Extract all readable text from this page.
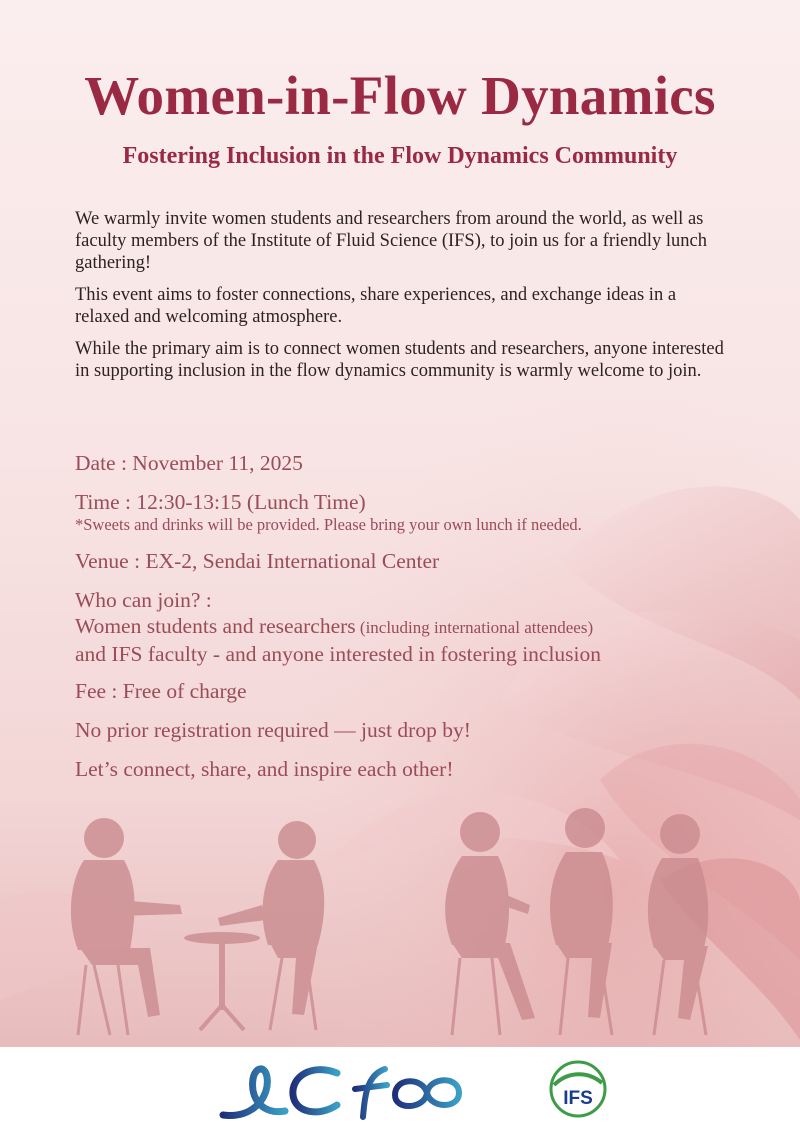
Women-in-Flow Dynamics
Fostering Inclusion in the Flow Dynamics Community

We warmly invite women students and researchers from around the world, as well as faculty members of the Institute of Fluid Science (IFS), to join us for a friendly lunch gathering!

This event aims to foster connections, share experiences, and exchange ideas in a relaxed and welcoming atmosphere.

While the primary aim is to connect women students and researchers, anyone interested in supporting inclusion in the flow dynamics community is warmly welcome to join.

Date : November 11, 2025
Time : 12:30-13:15 (Lunch Time)
*Sweets and drinks will be provided. Please bring your own lunch if needed.
Venue : EX-2, Sendai International Center
Who can join? :
Women students and researchers (including international attendees)
and IFS faculty - and anyone interested in fostering inclusion
Fee : Free of charge
No prior registration required — just drop by!
Let’s connect, share, and inspire each other!
IFS
